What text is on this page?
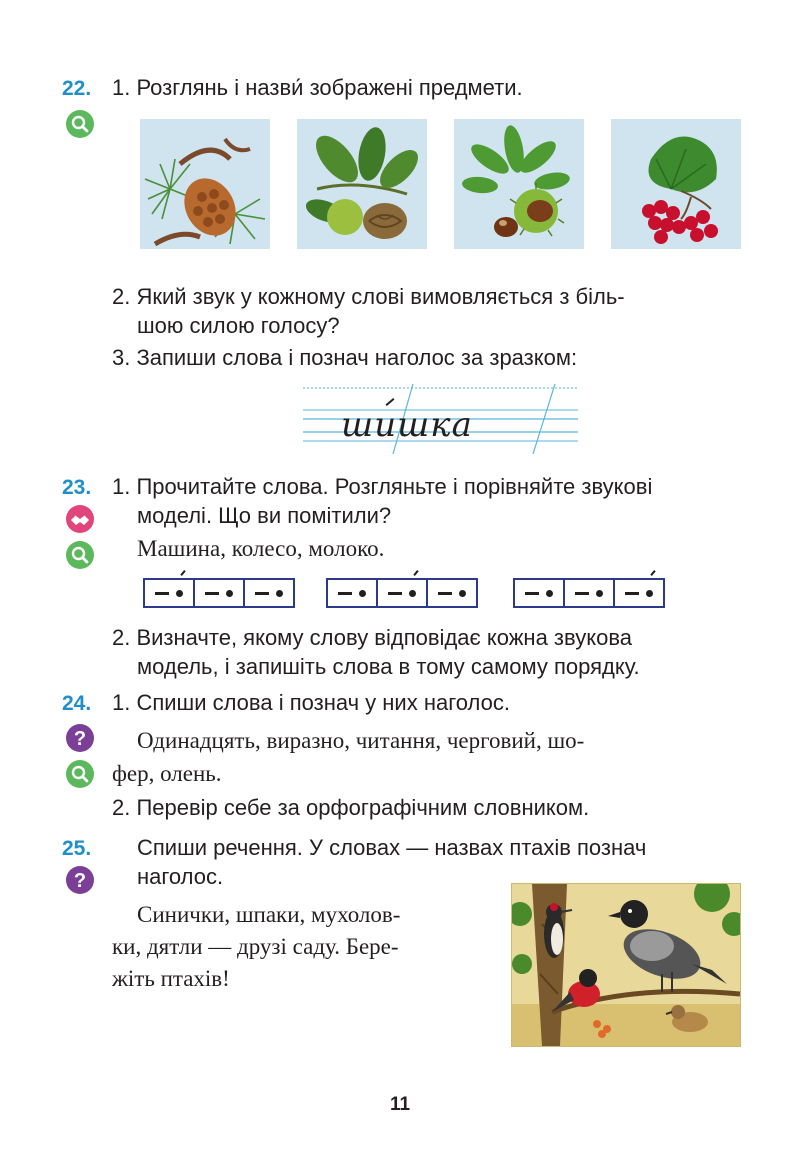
22. 1. Розглянь і назви́ зображені предмети.
2. Який звук у кожному слові вимовляється з біль-
шою силою голосу?
3. Запиши слова і познач наголос за зразком:
шишка
23. 1. Прочитайте слова. Розгляньте і порівняйте звукові
моделі. Що ви помітили?
Машина, колесо, молоко.
2. Визначте, якому слову відповідає кожна звукова
модель, і запишіть слова в тому самому порядку.
24. 1. Спиши слова і познач у них наголос.
? Одинадцять, виразно, читання, черговий, шо-
фер, олень.
2. Перевір себе за орфографічним словником.
25. Спиши речення. У словах — назвах птахів познач
наголос.
?
Синички, шпаки, мухолов-
ки, дятли — друзі саду. Бере-
жіть птахів!
11
